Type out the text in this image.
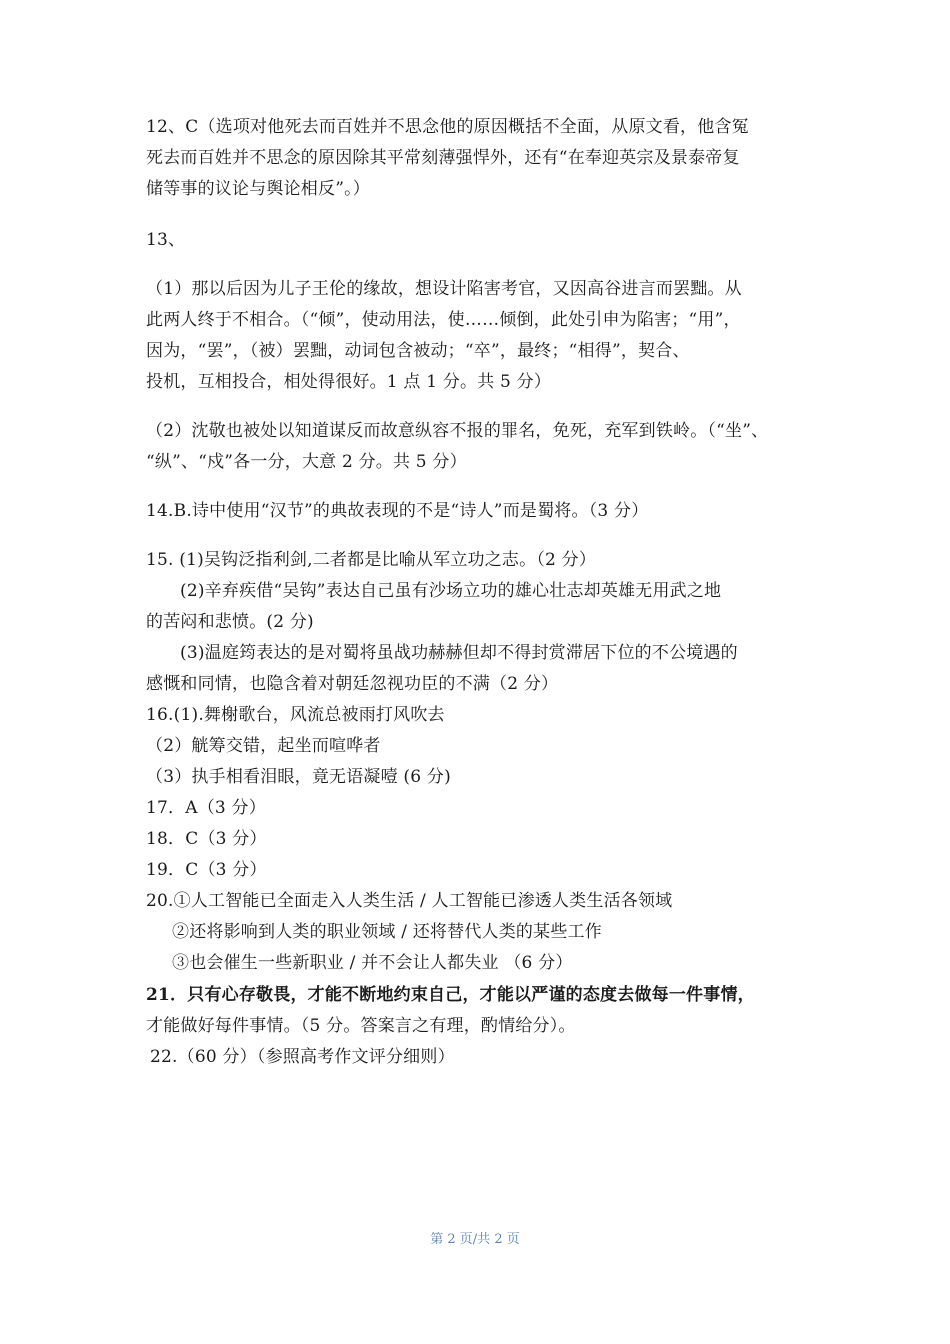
12、C（选项对他死去而百姓并不思念他的原因概括不全面，从原文看，他含冤
死去而百姓并不思念的原因除其平常刻薄强悍外，还有“在奉迎英宗及景泰帝复
储等事的议论与舆论相反”。）
13、
（1）那以后因为儿子王伦的缘故，想设计陷害考官，又因高谷进言而罢黜。从
此两人终于不相合。（“倾”，使动用法，使……倾倒，此处引申为陷害；“用”，
因为，“罢”，（被）罢黜，动词包含被动；“卒”，最终；“相得”，契合、
投机，互相投合，相处得很好。1 点 1 分。共 5 分）
（2）沈敬也被处以知道谋反而故意纵容不报的罪名，免死，充军到铁岭。（“坐”、
“纵”、“戍”各一分，大意 2 分。共 5 分）
14.B.诗中使用“汉节”的典故表现的不是“诗人”而是蜀将。（3 分）
15. (1)吴钩泛指利剑,二者都是比喻从军立功之志。（2 分）
(2)辛弃疾借“吴钩”表达自己虽有沙场立功的雄心壮志却英雄无用武之地
的苦闷和悲愤。(2 分)
(3)温庭筠表达的是对蜀将虽战功赫赫但却不得封赏滞居下位的不公境遇的
感慨和同情，也隐含着对朝廷忽视功臣的不满（2 分）
16.(1).舞榭歌台，风流总被雨打风吹去
（2）觥筹交错，起坐而喧哗者
（3）执手相看泪眼，竟无语凝噎 (6 分)
17．A（3 分）
18．C（3 分）
19．C（3 分）
20.①人工智能已全面走入人类生活 / 人工智能已渗透人类生活各领域
②还将影响到人类的职业领域 / 还将替代人类的某些工作
③也会催生一些新职业 / 并不会让人都失业 （6 分）
21．只有心存敬畏，才能不断地约束自己，才能以严谨的态度去做每一件事情，
才能做好每件事情。（5 分。答案言之有理，酌情给分）。
22.（60 分）（参照高考作文评分细则）
第 2 页/共 2 页
